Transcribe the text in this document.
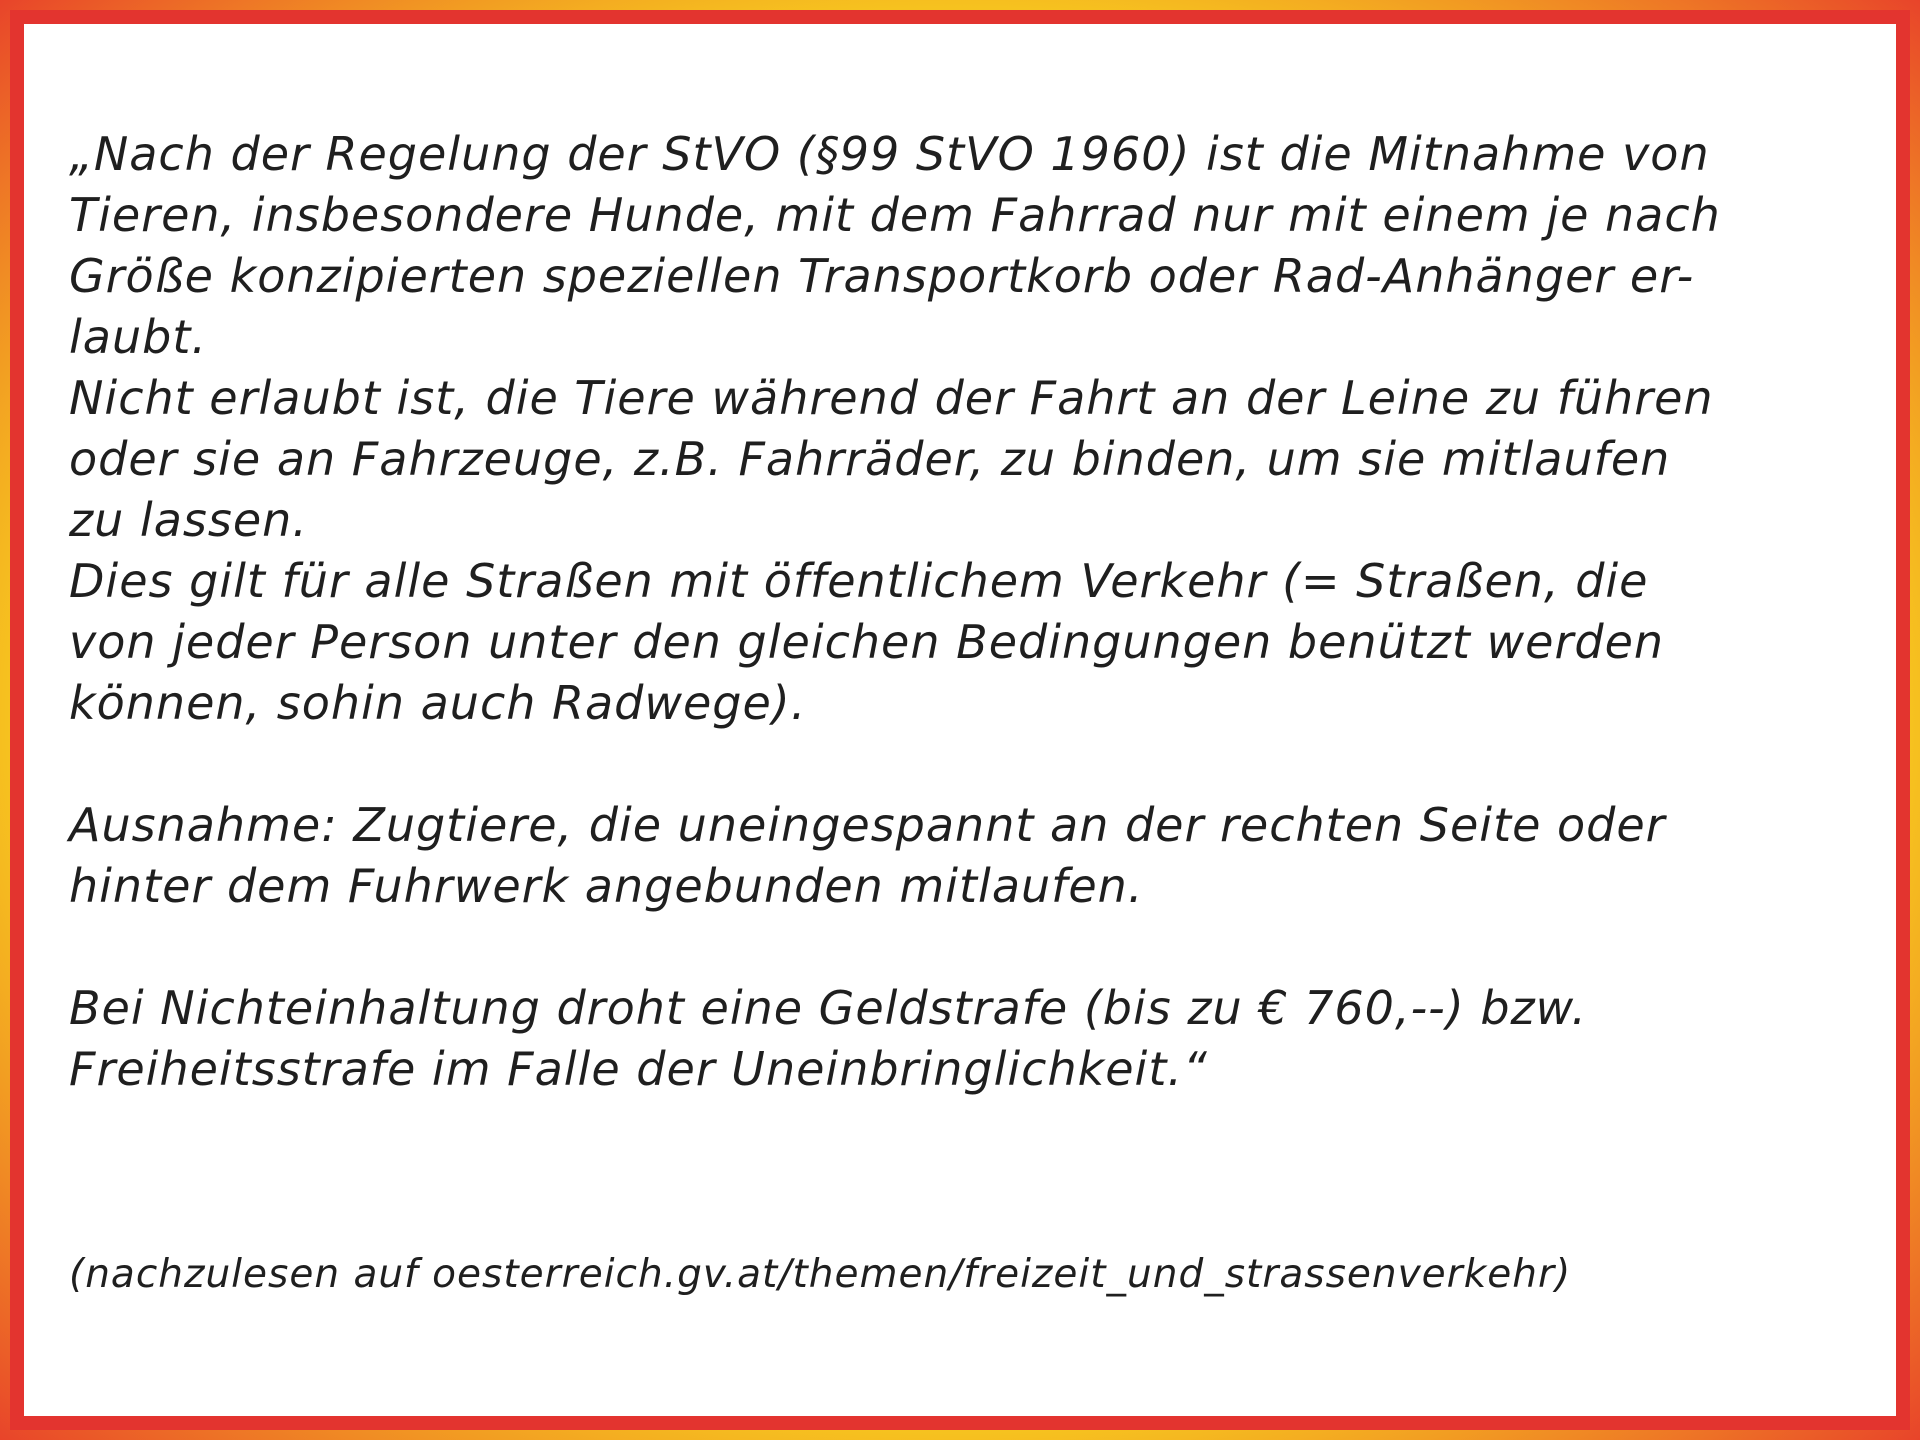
„Nach der Regelung der StVO (§99 StVO 1960) ist die Mitnahme von
Tieren, insbesondere Hunde, mit dem Fahrrad nur mit einem je nach
Größe konzipierten speziellen Transportkorb oder Rad-Anhänger er-
laubt.
Nicht erlaubt ist, die Tiere während der Fahrt an der Leine zu führen
oder sie an Fahrzeuge, z.B. Fahrräder, zu binden, um sie mitlaufen
zu lassen.
Dies gilt für alle Straßen mit öffentlichem Verkehr (= Straßen, die
von jeder Person unter den gleichen Bedingungen benützt werden
können, sohin auch Radwege).
Ausnahme: Zugtiere, die uneingespannt an der rechten Seite oder
hinter dem Fuhrwerk angebunden mitlaufen.
Bei Nichteinhaltung droht eine Geldstrafe (bis zu € 760,--) bzw.
Freiheitsstrafe im Falle der Uneinbringlichkeit.“
(nachzulesen auf oesterreich.gv.at/themen/freizeit_und_strassenverkehr)
